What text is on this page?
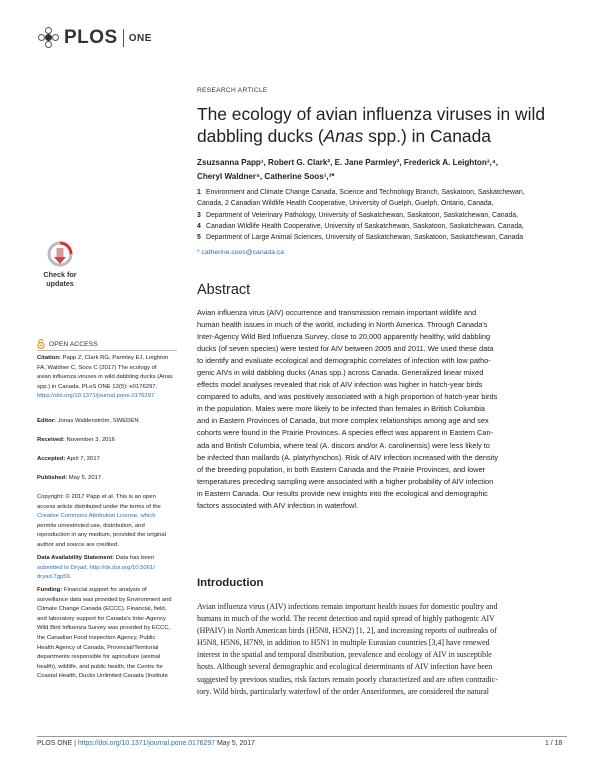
PLOS ONE
Check for
updates
OPEN ACCESS
Citation: Papp Z, Clark RG, Parmley EJ, Leighton
FA, Waldner C, Soos C (2017) The ecology of
avian influenza viruses in wild dabbling ducks (Anas
spp.) in Canada. PLoS ONE 12(5): e0176297.
https://doi.org/10.1371/journal.pone.0176297
Editor: Jonas Waldenström, SWEDEN
Received: November 3, 2016
Accepted: April 7, 2017
Published: May 5, 2017
Copyright: © 2017 Papp et al. This is an open
access article distributed under the terms of the
Creative Commons Attribution License, which
permits unrestricted use, distribution, and
reproduction in any medium, provided the original
author and source are credited.
Data Availability Statement: Data has been
submitted to Dryad, http://dx.doi.org/10.5061/
dryad.7gp59.
Funding: Financial support for analysis of
surveillance data was provided by Environment and
Climate Change Canada (ECCC). Financial, field,
and laboratory support for Canada's Inter-Agency
Wild Bird Influenza Survey was provided by ECCC,
the Canadian Food Inspection Agency, Public
Health Agency of Canada, Provincial/Territorial
departments responsible for agriculture (animal
health), wildlife, and public health, the Centre for
Coastal Health, Ducks Unlimited Canada (Institute
RESEARCH ARTICLE
The ecology of avian influenza viruses in wild dabbling ducks (Anas spp.) in Canada
Zsuzsanna Papp¹, Robert G. Clark², E. Jane Parmley², Frederick A. Leighton³,⁴,
Cheryl Waldner⁵, Catherine Soos¹,³*
1 Environment and Climate Change Canada, Science and Technology Branch, Saskatoon, Saskatchewan,
Canada, 2 Canadian Wildlife Health Cooperative, University of Guelph, Guelph, Ontario, Canada,
3 Department of Veterinary Pathology, University of Saskatchewan, Saskatoon, Saskatchewan, Canada,
4 Canadian Wildlife Health Cooperative, University of Saskatchewan, Saskatoon, Saskatchewan, Canada,
5 Department of Large Animal Sciences, University of Saskatchewan, Saskatoon, Saskatchewan, Canada
* catherine.soos@canada.ca
Abstract
Avian influenza virus (AIV) occurrence and transmission remain important wildlife and
human health issues in much of the world, including in North America. Through Canada's
Inter-Agency Wild Bird Influenza Survey, close to 20,000 apparently healthy, wild dabbling
ducks (of seven species) were tested for AIV between 2005 and 2011. We used these data
to identify and evaluate ecological and demographic correlates of infection with low patho-
genic AIVs in wild dabbling ducks (Anas spp.) across Canada. Generalized linear mixed
effects model analyses revealed that risk of AIV infection was higher in hatch-year birds
compared to adults, and was positively associated with a high proportion of hatch-year birds
in the population. Males were more likely to be infected than females in British Columbia
and in Eastern Provinces of Canada, but more complex relationships among age and sex
cohorts were found in the Prairie Provinces. A species effect was apparent in Eastern Can-
ada and British Columbia, where teal (A. discors and/or A. carolinensis) were less likely to
be infected than mallards (A. platyrhynchos). Risk of AIV infection increased with the density
of the breeding population, in both Eastern Canada and the Prairie Provinces, and lower
temperatures preceding sampling were associated with a higher probability of AIV infection
in Eastern Canada. Our results provide new insights into the ecological and demographic
factors associated with AIV infection in waterfowl.
Introduction
Avian influenza virus (AIV) infections remain important health issues for domestic poultry and
humans in much of the world. The recent detection and rapid spread of highly pathogenic AIV
(HPAIV) in North American birds (H5N8, H5N2) [1, 2], and increasing reports of outbreaks of
H5N8, H5N6, H7N9, in addition to H5N1 in multiple Eurasian countries [3,4] have renewed
interest in the spatial and temporal distribution, prevalence and ecology of AIV in susceptible
hosts. Although several demographic and ecological determinants of AIV infection have been
suggested by previous studies, risk factors remain poorly characterized and are often contradic-
tory. Wild birds, particularly waterfowl of the order Anseriformes, are considered the natural
PLOS ONE | https://doi.org/10.1371/journal.pone.0176297 May 5, 2017	1 / 18
